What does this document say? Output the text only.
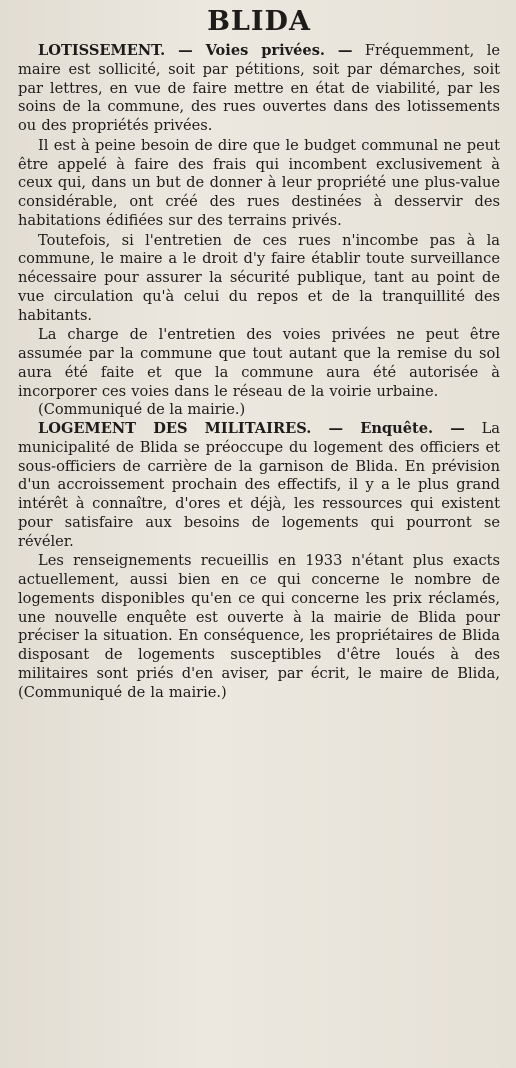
BLIDA

LOTISSEMENT. — Voies privées. — Fréquemment, le maire est sollicité, soit par pétitions, soit par démarches, soit par lettres, en vue de faire mettre en état de viabilité, par les soins de la commune, des rues ouvertes dans des lotissements ou des propriétés privées.

Il est à peine besoin de dire que le budget communal ne peut être appelé à faire des frais qui incombent exclusivement à ceux qui, dans un but de donner à leur propriété une plus-value considérable, ont créé des rues destinées à desservir des habitations édifiées sur des terrains privés.

Toutefois, si l'entretien de ces rues n'incombe pas à la commune, le maire a le droit d'y faire établir toute surveillance nécessaire pour assurer la sécurité publique, tant au point de vue circulation qu'à celui du repos et de la tranquillité des habitants.

La charge de l'entretien des voies privées ne peut être assumée par la commune que tout autant que la remise du sol aura été faite et que la commune aura été autorisée à incorporer ces voies dans le réseau de la voirie urbaine.

(Communiqué de la mairie.)

LOGEMENT DES MILITAIRES. — Enquête. — La municipalité de Blida se préoccupe du logement des officiers et sous-officiers de carrière de la garnison de Blida. En prévision d'un accroissement prochain des effectifs, il y a le plus grand intérêt à connaître, d'ores et déjà, les ressources qui existent pour satisfaire aux besoins de logements qui pourront se révéler.

Les renseignements recueillis en 1933 n'étant plus exacts actuellement, aussi bien en ce qui concerne le nombre de logements disponibles qu'en ce qui concerne les prix réclamés, une nouvelle enquête est ouverte à la mairie de Blida pour préciser la situation. En conséquence, les propriétaires de Blida disposant de logements susceptibles d'être loués à des militaires sont priés d'en aviser, par écrit, le maire de Blida, (Communiqué de la mairie.)
